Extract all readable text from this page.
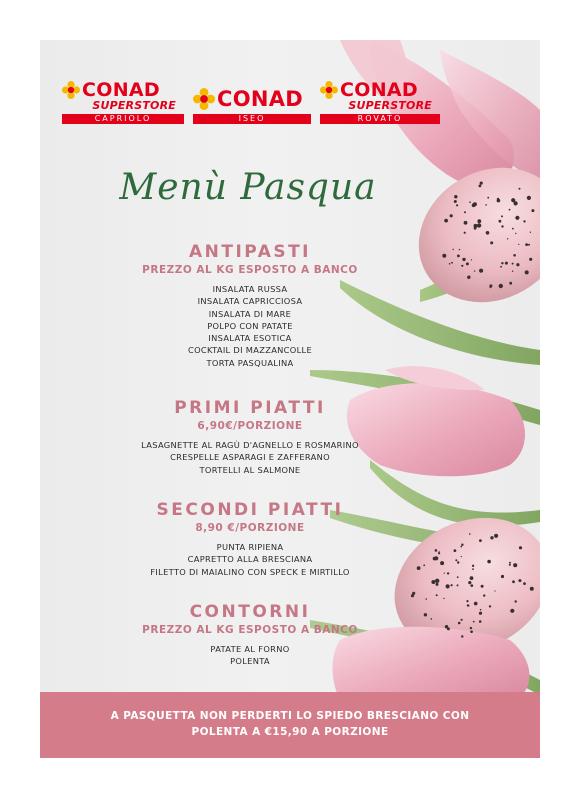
CONAD
SUPERSTORE
CAPRIOLO
CONAD
ISEO
CONAD
SUPERSTORE
ROVATO
Menù Pasqua
ANTIPASTI
PREZZO AL KG ESPOSTO A BANCO
INSALATA RUSSA
INSALATA CAPRICCIOSA
INSALATA DI MARE
POLPO CON PATATE
INSALATA ESOTICA
COCKTAIL DI MAZZANCOLLE
TORTA PASQUALINA
PRIMI PIATTI
6,90€/PORZIONE
LASAGNETTE AL RAGÙ D'AGNELLO E ROSMARINO
CRESPELLE ASPARAGI E ZAFFERANO
TORTELLI AL SALMONE
SECONDI PIATTI
8,90 €/PORZIONE
PUNTA RIPIENA
CAPRETTO ALLA BRESCIANA
FILETTO DI MAIALINO CON SPECK E MIRTILLO
CONTORNI
PREZZO AL KG ESPOSTO A BANCO
PATATE AL FORNO
POLENTA
A PASQUETTA NON PERDERTI LO SPIEDO BRESCIANO CON
POLENTA A €15,90 A PORZIONE
